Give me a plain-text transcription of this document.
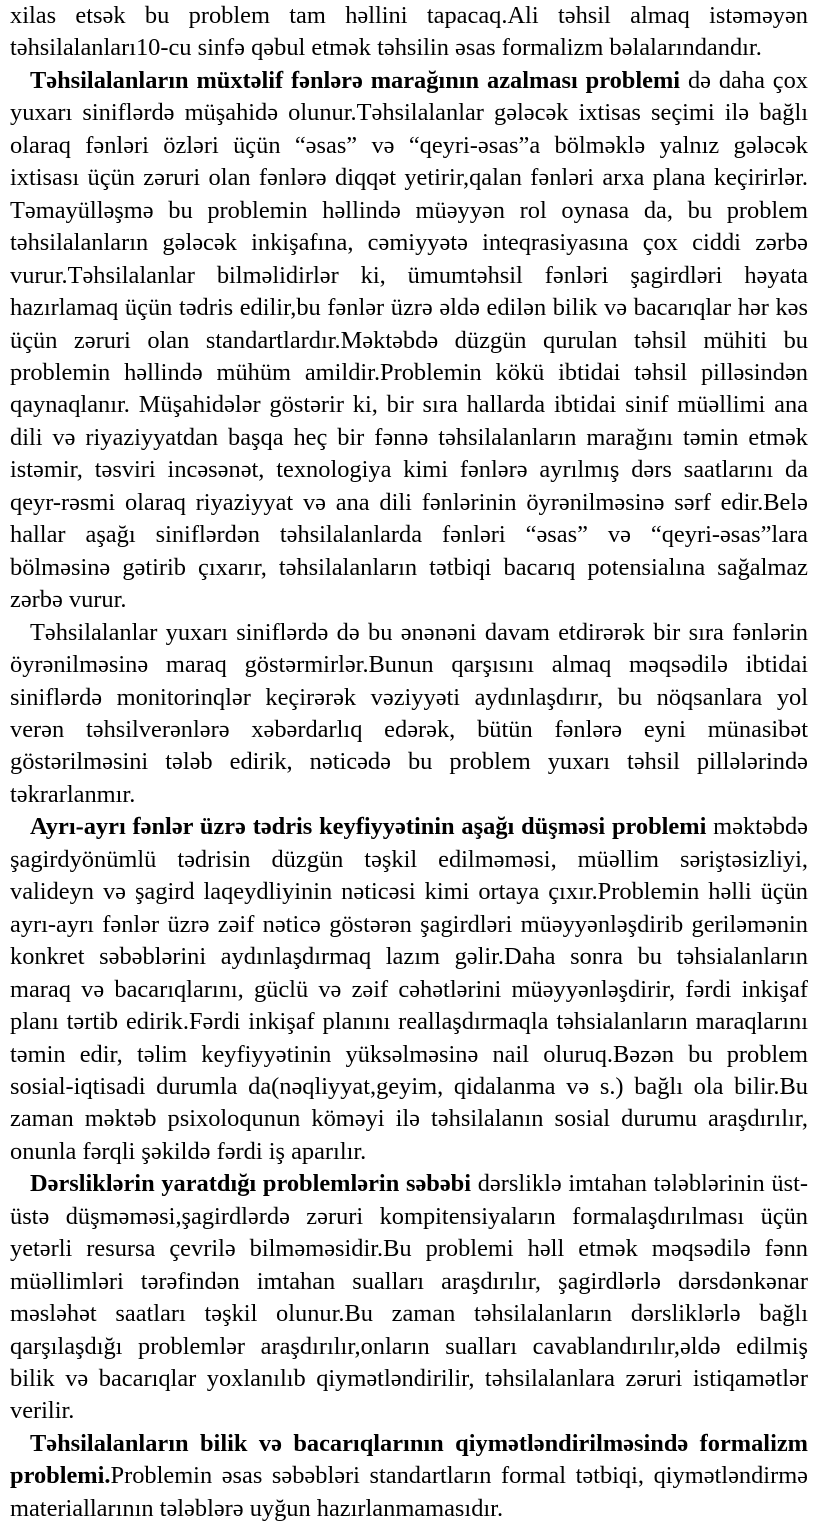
xilas etsək bu problem tam həllini tapacaq.Ali təhsil almaq istəməyən təhsilalanları10-cu sinfə qəbul etmək təhsilin əsas formalizm bəlalarındandır.

Təhsilalanların müxtəlif fənlərə marağının azalması problemi də daha çox yuxarı siniflərdə müşahidə olunur.Təhsilalanlar gələcək ixtisas seçimi ilə bağlı olaraq fənləri özləri üçün “əsas” və “qeyri-əsas”a bölməklə yalnız gələcək ixtisası üçün zəruri olan fənlərə diqqət yetirir,qalan fənləri arxa plana keçirirlər. Təmayülləşmə bu problemin həllində müəyyən rol oynasa da, bu problem təhsilalanların gələcək inkişafına, cəmiyyətə inteqrasiyasına çox ciddi zərbə vurur.Təhsilalanlar bilməlidirlər ki, ümumtəhsil fənləri şagirdləri həyata hazırlamaq üçün tədris edilir,bu fənlər üzrə əldə edilən bilik və bacarıqlar hər kəs üçün zəruri olan standartlardır.Məktəbdə düzgün qurulan təhsil mühiti bu problemin həllində mühüm amildir.Problemin kökü ibtidai təhsil pilləsindən qaynaqlanır. Müşahidələr göstərir ki, bir sıra hallarda ibtidai sinif müəllimi ana dili və riyaziyyatdan başqa heç bir fənnə təhsilalanların marağını təmin etmək istəmir, təsviri incəsənət, texnologiya kimi fənlərə ayrılmış dərs saatlarını da qeyr-rəsmi olaraq riyaziyyat və ana dili fənlərinin öyrənilməsinə sərf edir.Belə hallar aşağı siniflərdən təhsilalanlarda fənləri “əsas” və “qeyri-əsas”lara bölməsinə gətirib çıxarır, təhsilalanların tətbiqi bacarıq potensialına sağalmaz zərbə vurur.

Təhsilalanlar yuxarı siniflərdə də bu ənənəni davam etdirərək bir sıra fənlərin öyrənilməsinə maraq göstərmirlər.Bunun qarşısını almaq məqsədilə ibtidai siniflərdə monitorinqlər keçirərək vəziyyəti aydınlaşdırır, bu nöqsanlara yol verən təhsilverənlərə xəbərdarlıq edərək, bütün fənlərə eyni münasibət göstərilməsini tələb edirik, nəticədə bu problem yuxarı təhsil pillələrində təkrarlanmır.

Ayrı-ayrı fənlər üzrə tədris keyfiyyətinin aşağı düşməsi problemi məktəbdə şagirdyönümlü tədrisin düzgün təşkil edilməməsi, müəllim səriştəsizliyi, valideyn və şagird laqeydliyinin nəticəsi kimi ortaya çıxır.Problemin həlli üçün ayrı-ayrı fənlər üzrə zəif nəticə göstərən şagirdləri müəyyənləşdirib geriləmənin konkret səbəblərini aydınlaşdırmaq lazım gəlir.Daha sonra bu təhsialanların maraq və bacarıqlarını, güclü və zəif cəhətlərini müəyyənləşdirir, fərdi inkişaf planı tərtib edirik.Fərdi inkişaf planını reallaşdırmaqla təhsialanların maraqlarını təmin edir, təlim keyfiyyətinin yüksəlməsinə nail oluruq.Bəzən bu problem sosial-iqtisadi durumla da(nəqliyyat,geyim, qidalanma və s.) bağlı ola bilir.Bu zaman məktəb psixoloqunun köməyi ilə təhsilalanın sosial durumu araşdırılır, onunla fərqli şəkildə fərdi iş aparılır.

Dərsliklərin yaratdığı problemlərin səbəbi dərsliklə imtahan tələblərinin üst-üstə düşməməsi,şagirdlərdə zəruri kompitensiyaların formalaşdırılması üçün yetərli resursa çevrilə bilməməsidir.Bu problemi həll etmək məqsədilə fənn müəllimləri tərəfindən imtahan sualları araşdırılır, şagirdlərlə dərsdənkənar məsləhət saatları təşkil olunur.Bu zaman təhsilalanların dərsliklərlə bağlı qarşılaşdığı problemlər araşdırılır,onların sualları cavablandırılır,əldə edilmiş bilik və bacarıqlar yoxlanılıb qiymətləndirilir, təhsilalanlara zəruri istiqamətlər verilir.

Təhsilalanların bilik və bacarıqlarının qiymətləndirilməsində formalizm problemi.Problemin əsas səbəbləri standartların formal tətbiqi, qiymətləndirmə materiallarının tələblərə uyğun hazırlanmamasıdır.
